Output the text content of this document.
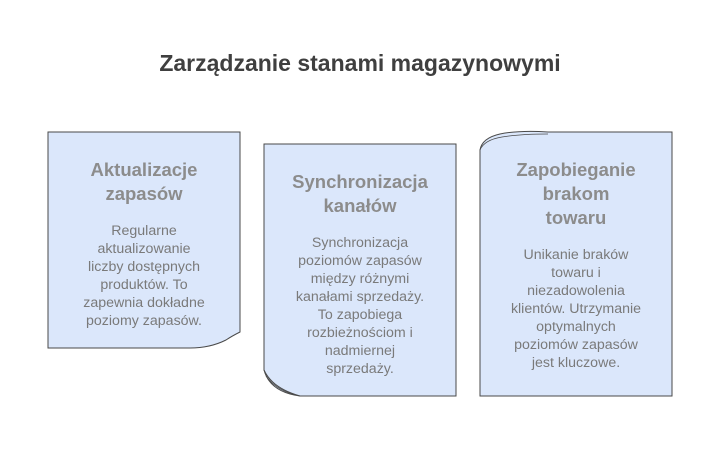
Zarządzanie stanami magazynowymi
Aktualizacje
zapasów
Regularne
aktualizowanie
liczby dostępnych
produktów. To
zapewnia dokładne
poziomy zapasów.
Synchronizacja
kanałów
Synchronizacja
poziomów zapasów
między różnymi
kanałami sprzedaży.
To zapobiega
rozbieżnościom i
nadmiernej
sprzedaży.
Zapobieganie
brakom
towaru
Unikanie braków
towaru i
niezadowolenia
klientów. Utrzymanie
optymalnych
poziomów zapasów
jest kluczowe.
